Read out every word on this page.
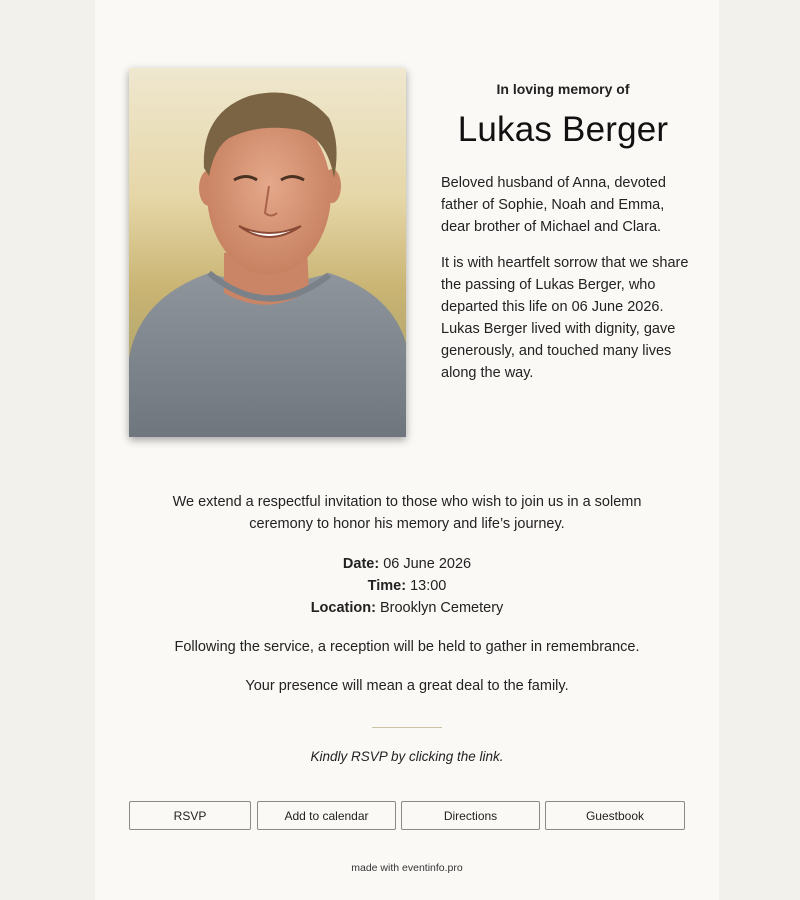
In loving memory of
Lukas Berger

Beloved husband of Anna, devoted father of Sophie, Noah and Emma, dear brother of Michael and Clara.

It is with heartfelt sorrow that we share the passing of Lukas Berger, who departed this life on 06 June 2026. Lukas Berger lived with dignity, gave generously, and touched many lives along the way.

We extend a respectful invitation to those who wish to join us in a solemn
ceremony to honor his memory and life’s journey.
Date: 06 June 2026
Time: 13:00
Location: Brooklyn Cemetery
Following the service, a reception will be held to gather in remembrance.
Your presence will mean a great deal to the family.
Kindly RSVP by clicking the link.
RSVP	Add to calendar	Directions	Guestbook
made with eventinfo.pro
